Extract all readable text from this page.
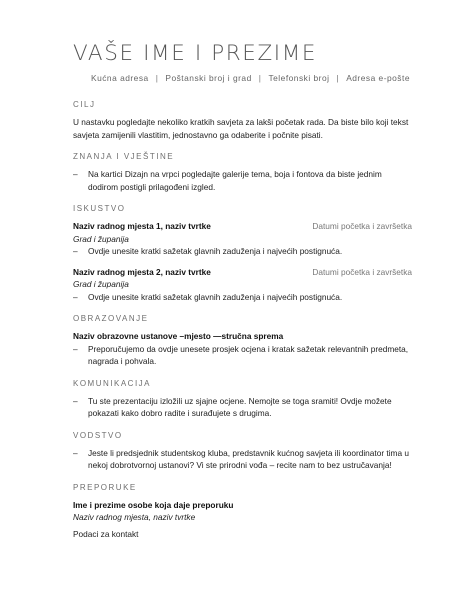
VAŠE IME I PREZIME
Kućna adresa | Poštanski broj i grad | Telefonski broj | Adresa e-pošte
CILJ

U nastavku pogledajte nekoliko kratkih savjeta za lakši početak rada. Da biste bilo koji tekst savjeta zamijenili vlastitim, jednostavno ga odaberite i počnite pisati.

ZNANJA I VJEŠTINE

– Na kartici Dizajn na vrpci pogledajte galerije tema, boja i fontova da biste jednim dodirom postigli prilagođeni izgled.

ISKUSTVO
Naziv radnog mjesta 1, naziv tvrtke	Datumi početka i završetka

Grad i županija

– Ovdje unesite kratki sažetak glavnih zaduženja i najvećih postignuća.

Naziv radnog mjesta 2, naziv tvrtke	Datumi početka i završetka

Grad i županija

– Ovdje unesite kratki sažetak glavnih zaduženja i najvećih postignuća.

OBRAZOVANJE

Naziv obrazovne ustanove –mjesto —stručna sprema

– Preporučujemo da ovdje unesete prosjek ocjena i kratak sažetak relevantnih predmeta, nagrada i pohvala.

KOMUNIKACIJA

– Tu ste prezentaciju izložili uz sjajne ocjene. Nemojte se toga sramiti! Ovdje možete pokazati kako dobro radite i surađujete s drugima.

VODSTVO

– Jeste li predsjednik studentskog kluba, predstavnik kućnog savjeta ili koordinator tima u nekoj dobrotvornoj ustanovi? Vi ste prirodni vođa – recite nam to bez ustručavanja!

PREPORUKE

Ime i prezime osobe koja daje preporuku

Naziv radnog mjesta, naziv tvrtke

Podaci za kontakt
